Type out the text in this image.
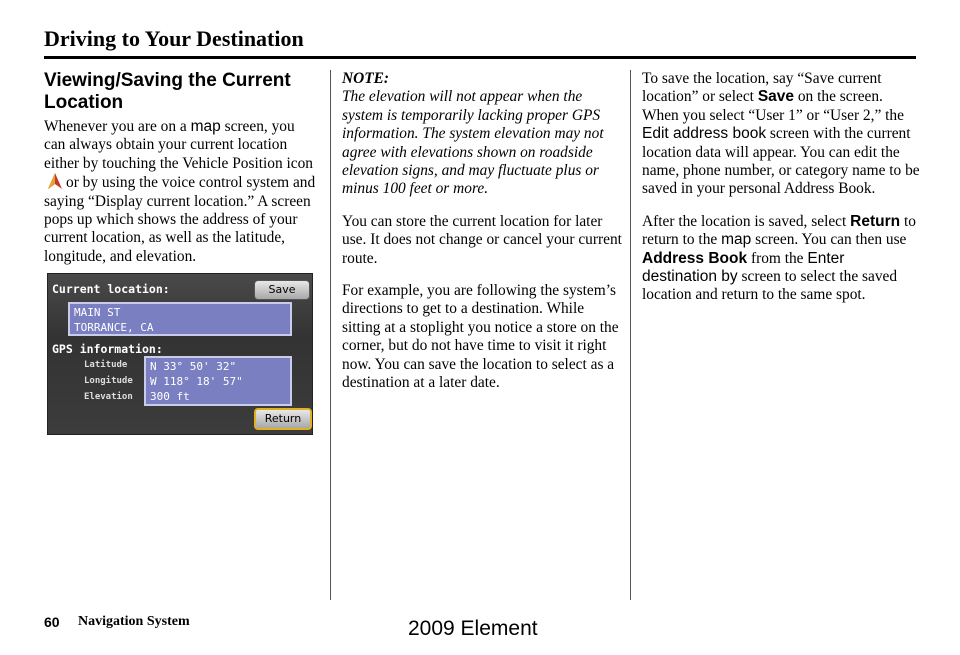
Driving to Your Destination
Viewing/Saving the Current Location

Whenever you are on a map screen, you can always obtain your current location either by touching the Vehicle Position iconor by using the voice control system and saying “Display current location.” A screen pops up which shows the address of your current location, as well as the latitude, longitude, and elevation.

Current location:	Save
MAIN ST
TORRANCE, CA
GPS information:
Latitude
Longitude
Elevation
N 33° 50' 32"
W 118° 18' 57"
300 ft
Return

NOTE:

The elevation will not appear when the system is temporarily lacking proper GPS information. The system elevation may not agree with elevations shown on roadside elevation signs, and may fluctuate plus or minus 100 feet or more.

You can store the current location for later use. It does not change or cancel your current route.

For example, you are following the system’s directions to get to a destination. While sitting at a stoplight you notice a store on the corner, but do not have time to visit it right now. You can save the location to select as a destination at a later date.

To save the location, say “Save current location” or select Save on the screen. When you select “User 1” or “User 2,” the Edit address book screen with the current location data will appear. You can edit the name, phone number, or category name to be saved in your personal Address Book.

After the location is saved, select Return to return to the map screen. You can then use Address Book from the Enter destination by screen to select the saved location and return to the same spot.

60 Navigation System	2009 Element
